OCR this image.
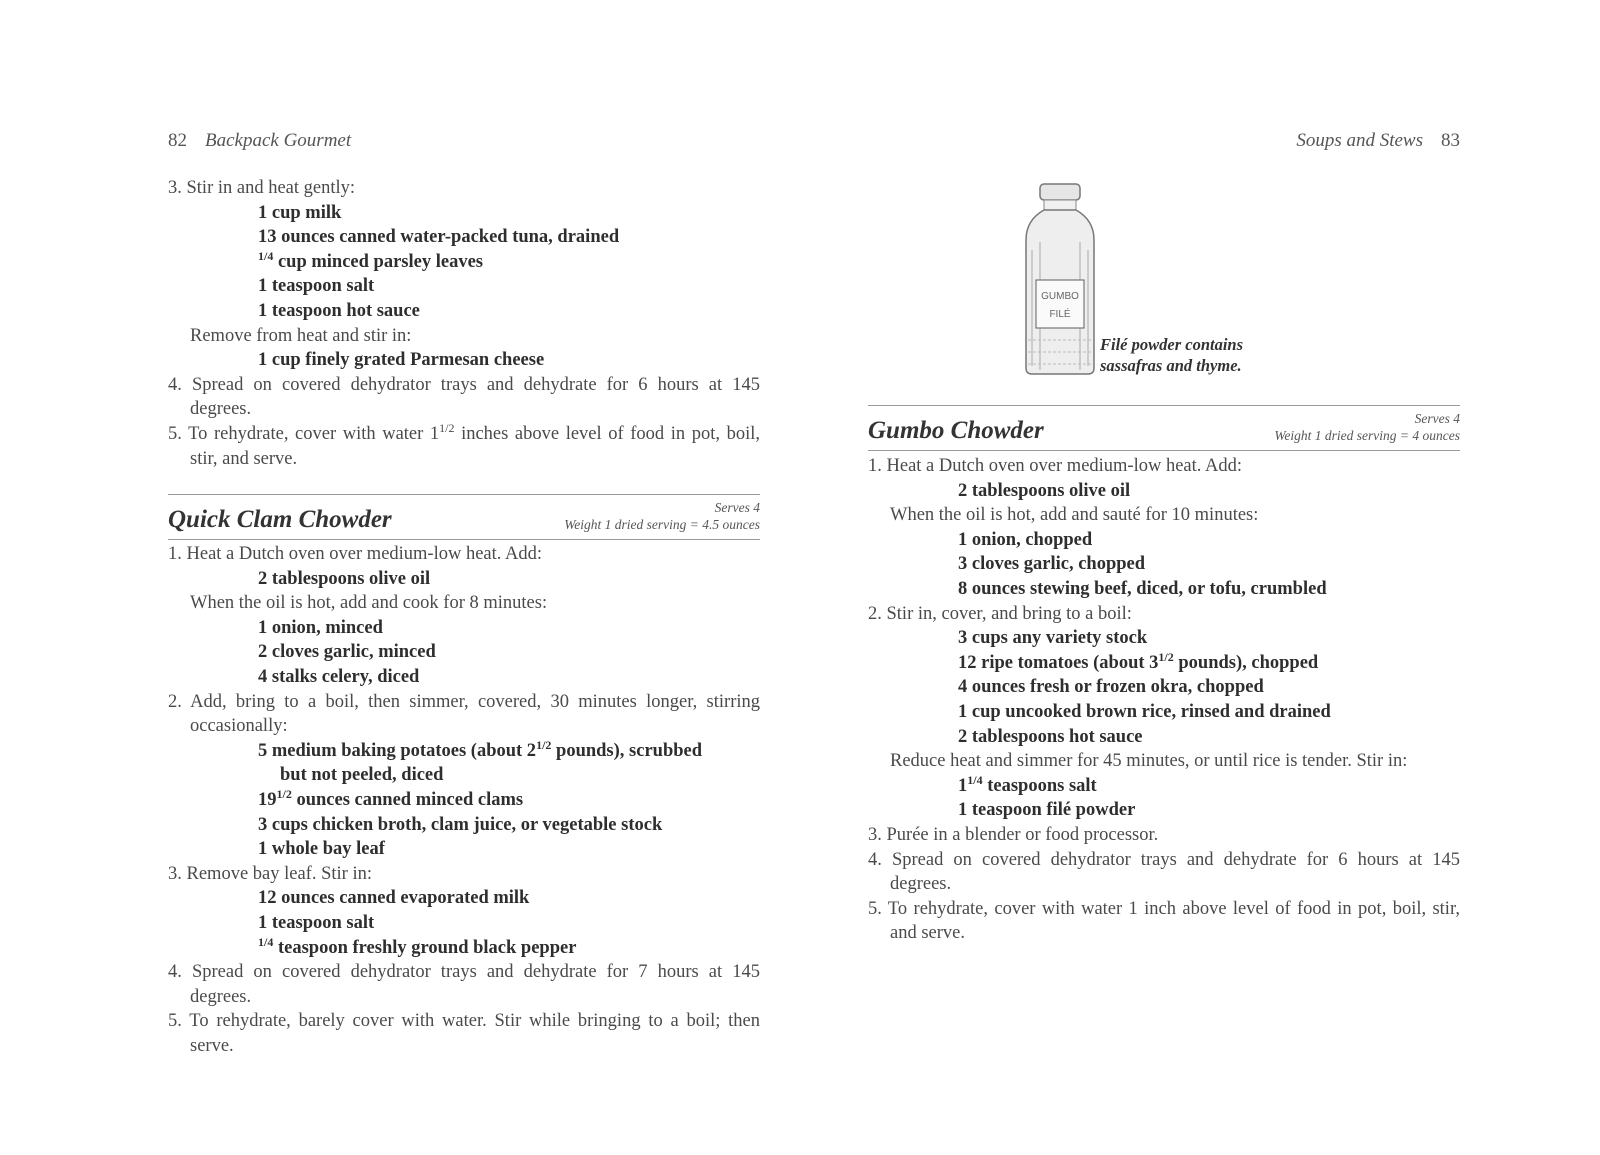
82 Backpack Gourmet
3. Stir in and heat gently:
1 cup milk
13 ounces canned water-packed tuna, drained
$^{1/4}$ cup minced parsley leaves
1 teaspoon salt
1 teaspoon hot sauce
Remove from heat and stir in:
1 cup finely grated Parmesan cheese
4. Spread on covered dehydrator trays and dehydrate for 6 hours at 145 degrees.
5. To rehydrate, cover with water $1^{1/2}$ inches above level of food in pot, boil, stir, and serve.
Quick Clam Chowder	Serves 4
Weight 1 dried serving = 4.5 ounces
1. Heat a Dutch oven over medium-low heat. Add:
2 tablespoons olive oil
When the oil is hot, add and cook for 8 minutes:
1 onion, minced
2 cloves garlic, minced
4 stalks celery, diced
2. Add, bring to a boil, then simmer, covered, 30 minutes longer, stirring occasionally:
5 medium baking potatoes (about $2^{1/2}$ pounds), scrubbed
but not peeled, diced
$19^{1/2}$ ounces canned minced clams
3 cups chicken broth, clam juice, or vegetable stock
1 whole bay leaf
3. Remove bay leaf. Stir in:
12 ounces canned evaporated milk
1 teaspoon salt
$^{1/4}$ teaspoon freshly ground black pepper
4. Spread on covered dehydrator trays and dehydrate for 7 hours at 145 degrees.
5. To rehydrate, barely cover with water. Stir while bringing to a boil; then serve.
Soups and Stews 83
GUMBO
FILÉ
Filé powder contains
sassafras and thyme.
Gumbo Chowder	Serves 4
Weight 1 dried serving = 4 ounces
1. Heat a Dutch oven over medium-low heat. Add:
2 tablespoons olive oil
When the oil is hot, add and sauté for 10 minutes:
1 onion, chopped
3 cloves garlic, chopped
8 ounces stewing beef, diced, or tofu, crumbled
2. Stir in, cover, and bring to a boil:
3 cups any variety stock
12 ripe tomatoes (about $3^{1/2}$ pounds), chopped
4 ounces fresh or frozen okra, chopped
1 cup uncooked brown rice, rinsed and drained
2 tablespoons hot sauce
Reduce heat and simmer for 45 minutes, or until rice is tender. Stir in:
$1^{1/4}$ teaspoons salt
1 teaspoon filé powder
3. Purée in a blender or food processor.
4. Spread on covered dehydrator trays and dehydrate for 6 hours at 145 degrees.
5. To rehydrate, cover with water 1 inch above level of food in pot, boil, stir, and serve.
